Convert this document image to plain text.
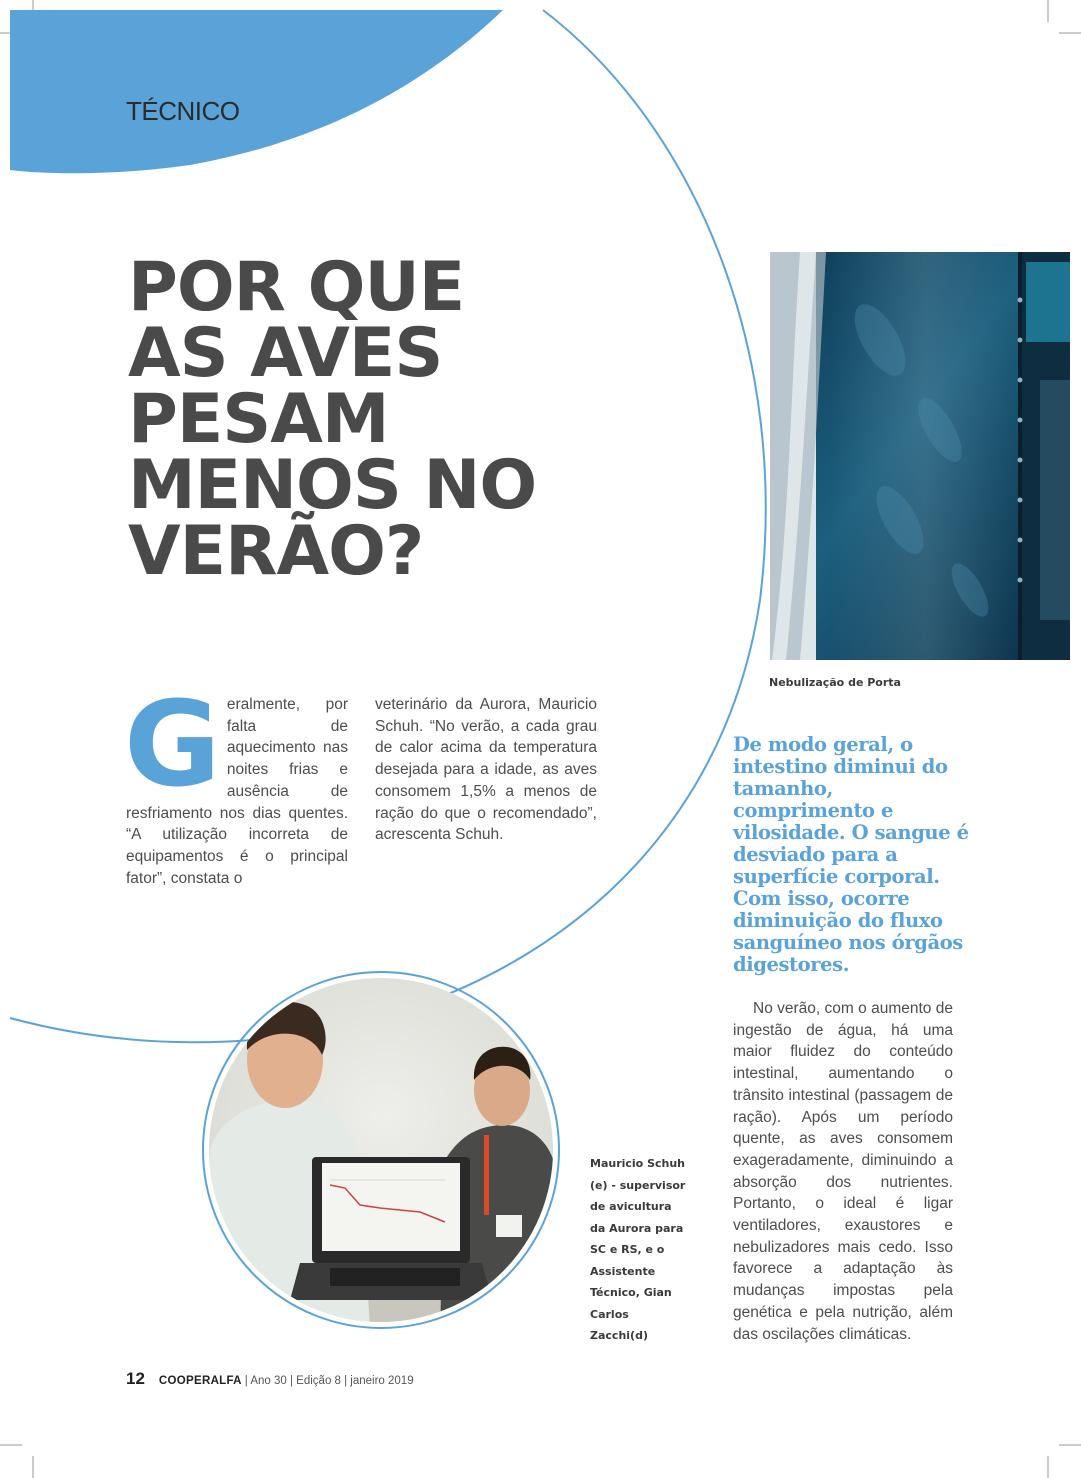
TÉCNICO
POR QUE
AS AVES
PESAM
MENOS NO
VERÃO?

G eralmente, por falta de aquecimento nas noites frias e ausência de resfriamento nos dias quentes. “A utilização incorreta de equipamentos é o principal fator”, constata o

veterinário da Aurora, Mauricio Schuh. “No verão, a cada grau de calor acima da temperatura desejada para a idade, as aves consomem 1,5% a menos de ração do que o recomendado”, acrescenta Schuh.

Nebulização de Porta

De modo geral, o intestino diminui do tamanho, comprimento e vilosidade. O sangue é desviado para a superfície corporal. Com isso, ocorre diminuição do fluxo sanguíneo nos órgãos digestores.

No verão, com o aumento de ingestão de água, há uma maior fluidez do conteúdo intestinal, aumentando o trânsito intestinal (passagem de ração). Após um período quente, as aves consomem exageradamente, diminuindo a absorção dos nutrientes. Portanto, o ideal é ligar ventiladores, exaustores e nebulizadores mais cedo. Isso favorece a adaptação às mudanças impostas pela genética e pela nutrição, além das oscilações climáticas.

Mauricio Schuh (e) - supervisor de avicultura da Aurora para SC e RS, e o Assistente Técnico, Gian Carlos Zacchi(d)

12 COOPERALFA | Ano 30 | Edição 8 | janeiro 2019
